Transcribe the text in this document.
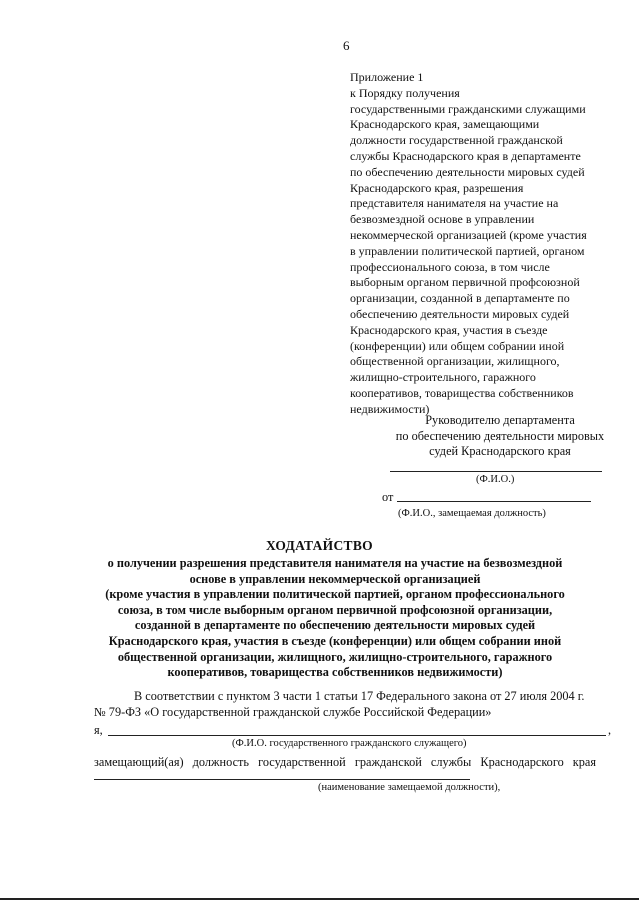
6
Приложение 1
к Порядку получения
государственными гражданскими служащими
Краснодарского края, замещающими
должности государственной гражданской
службы Краснодарского края в департаменте
по обеспечению деятельности мировых судей
Краснодарского края, разрешения
представителя нанимателя на участие на
безвозмездной основе в управлении
некоммерческой организацией (кроме участия
в управлении политической партией, органом
профессионального союза, в том числе
выборным органом первичной профсоюзной
организации, созданной в департаменте по
обеспечению деятельности мировых судей
Краснодарского края, участия в съезде
(конференции) или общем собрании иной
общественной организации, жилищного,
жилищно-строительного, гаражного
кооперативов, товарищества собственников
недвижимости)
Руководителю департамента
по обеспечению деятельности мировых
судей Краснодарского края
(Ф.И.О.)
от
(Ф.И.О., замещаемая должность)
ХОДАТАЙСТВО
о получении разрешения представителя нанимателя на участие на безвозмездной
основе в управлении некоммерческой организацией
(кроме участия в управлении политической партией, органом профессионального
союза, в том числе выборным органом первичной профсоюзной организации,
созданной в департаменте по обеспечению деятельности мировых судей
Краснодарского края, участия в съезде (конференции) или общем собрании иной
общественной организации, жилищного, жилищно-строительного, гаражного
кооперативов, товарищества собственников недвижимости)
В соответствии с пунктом 3 части 1 статьи 17 Федерального закона от 27 июля 2004 г.
№ 79-ФЗ «О государственной гражданской службе Российской Федерации»
я,	,
(Ф.И.О. государственного гражданского служащего)
замещающий(ая) должность государственной гражданской службы Краснодарского края
(наименование замещаемой должности),
